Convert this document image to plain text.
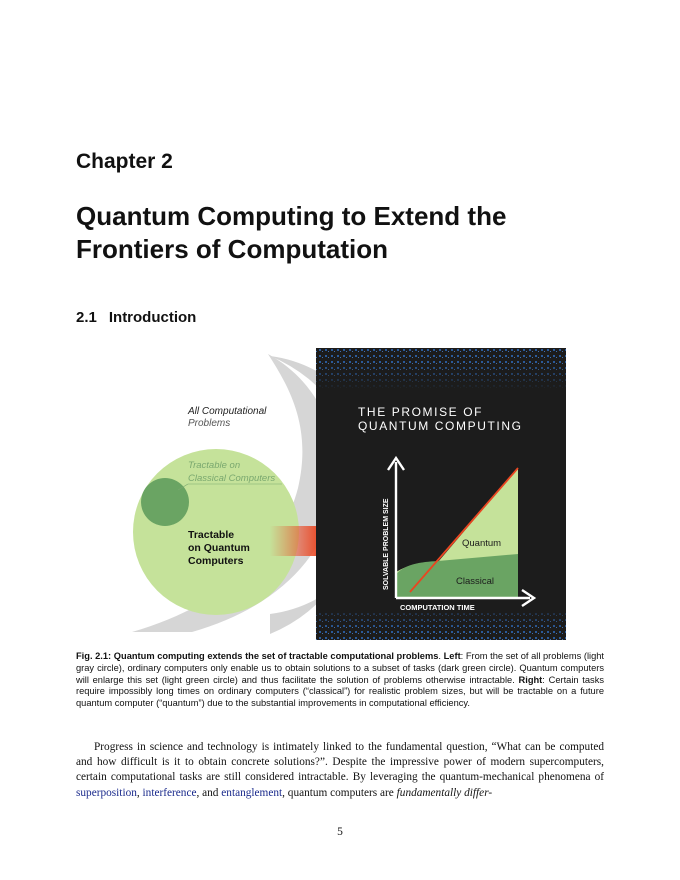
Chapter 2
Quantum Computing to Extend the
Frontiers of Computation
2.1 Introduction
All Computational
Problems
Tractable on
Classical Computers
Tractable
on Quantum
Computers
THE PROMISE OF
QUANTUM COMPUTING
SOLVABLE PROBLEM SIZE
COMPUTATION TIME
Quantum
Classical
Fig. 2.1: Quantum computing extends the set of tractable computational problems. Left: From the set of all problems (light gray circle), ordinary computers only enable us to obtain solutions to a subset of tasks (dark green circle). Quantum computers will enlarge this set (light green circle) and thus facilitate the solution of problems otherwise intractable. Right: Certain tasks require impossibly long times on ordinary computers (“classical”) for realistic problem sizes, but will be tractable on a future quantum computer (“quantum”) due to the substantial improvements in computational efficiency.
Progress in science and technology is intimately linked to the fundamental question, “What can be computed and how difficult is it to obtain concrete solutions?”. Despite the impressive power of modern supercomputers, certain computational tasks are still considered intractable. By leveraging the quantum-mechanical phenomena of superposition, interference, and entanglement, quantum computers are fundamentally differ-
5
